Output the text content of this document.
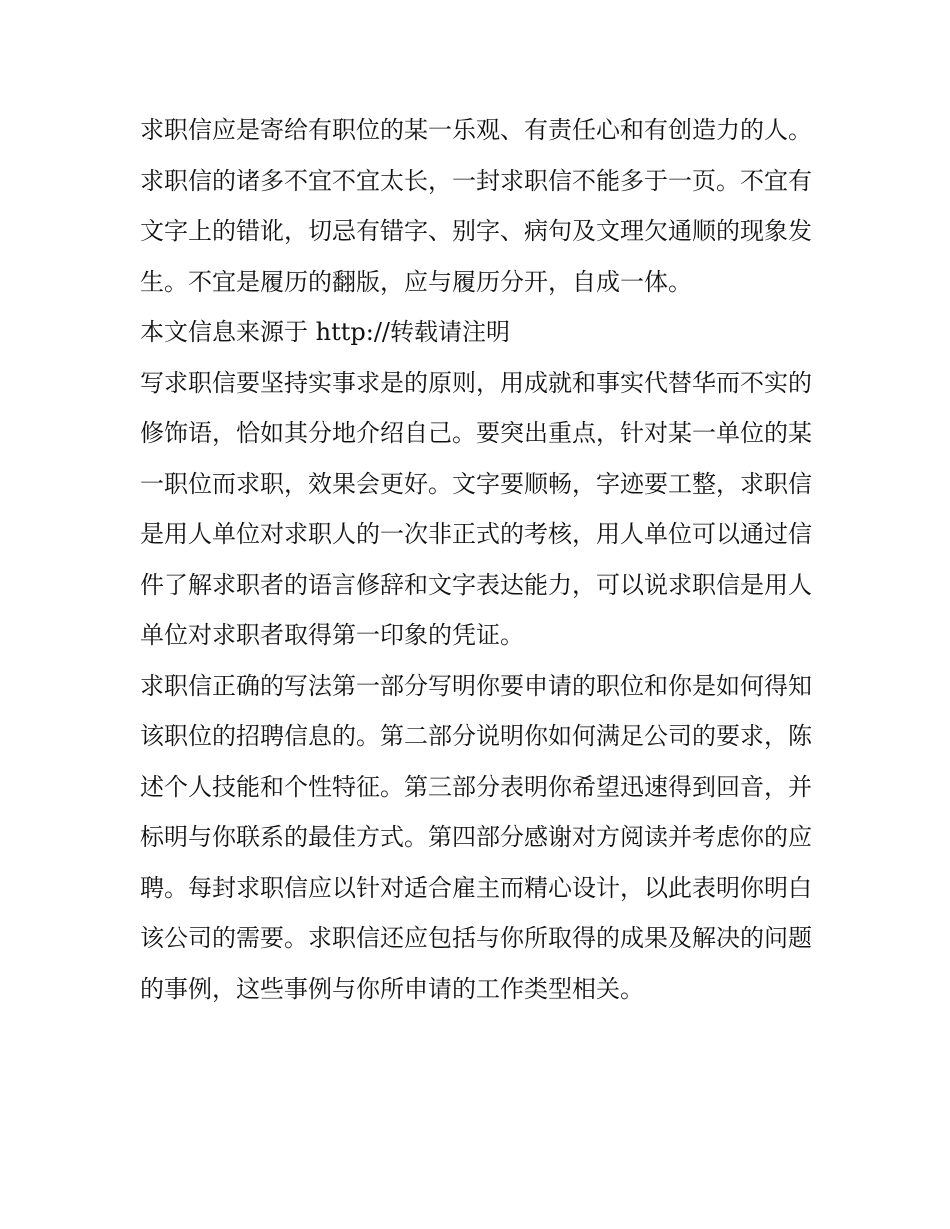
求职信应是寄给有职位的某一乐观、有责任心和有创造力的人。

求职信的诸多不宜不宜太长，一封求职信不能多于一页。不宜有文字上的错讹，切忌有错字、别字、病句及文理欠通顺的现象发生。不宜是履历的翻版，应与履历分开，自成一体。

本文信息来源于 http://转载请注明

写求职信要坚持实事求是的原则，用成就和事实代替华而不实的修饰语，恰如其分地介绍自己。要突出重点，针对某一单位的某一职位而求职，效果会更好。文字要顺畅，字迹要工整，求职信是用人单位对求职人的一次非正式的考核，用人单位可以通过信件了解求职者的语言修辞和文字表达能力，可以说求职信是用人单位对求职者取得第一印象的凭证。

求职信正确的写法第一部分写明你要申请的职位和你是如何得知该职位的招聘信息的。第二部分说明你如何满足公司的要求，陈述个人技能和个性特征。第三部分表明你希望迅速得到回音，并标明与你联系的最佳方式。第四部分感谢对方阅读并考虑你的应聘。每封求职信应以针对适合雇主而精心设计，以此表明你明白该公司的需要。求职信还应包括与你所取得的成果及解决的问题的事例，这些事例与你所申请的工作类型相关。
